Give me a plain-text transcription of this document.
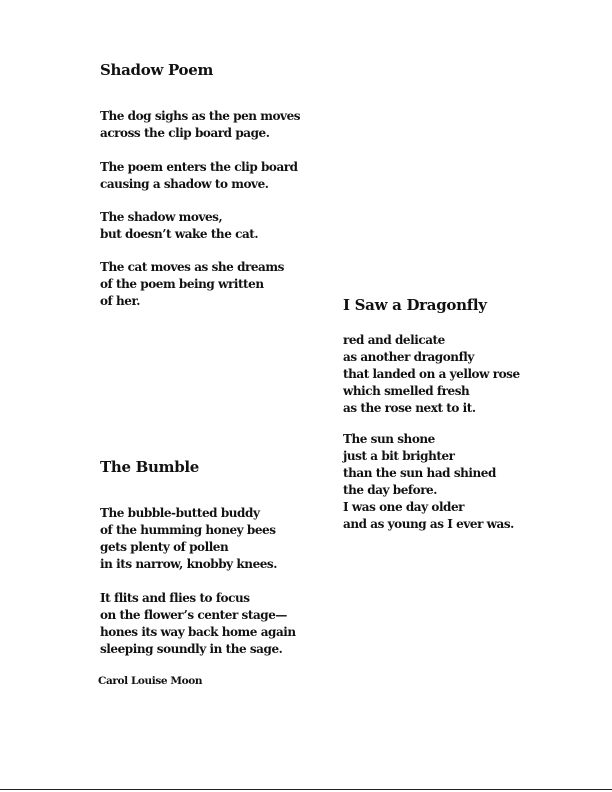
Shadow Poem

The dog sighs as the pen moves
across the clip board page.

The poem enters the clip board
causing a shadow to move.

The shadow moves,
but doesn’t wake the cat.

The cat moves as she dreams
of the poem being written
of her.	I Saw a Dragonfly

red and delicate
as another dragonfly
that landed on a yellow rose
which smelled fresh
as the rose next to it.

The sun shone
just a bit brighter
than the sun had shined
the day before.
I was one day older
and as young as I ever was.

The Bumble

The bubble-butted buddy
of the humming honey bees
gets plenty of pollen
in its narrow, knobby knees.

It flits and flies to focus
on the flower’s center stage—
hones its way back home again
sleeping soundly in the sage.

Carol Louise Moon
